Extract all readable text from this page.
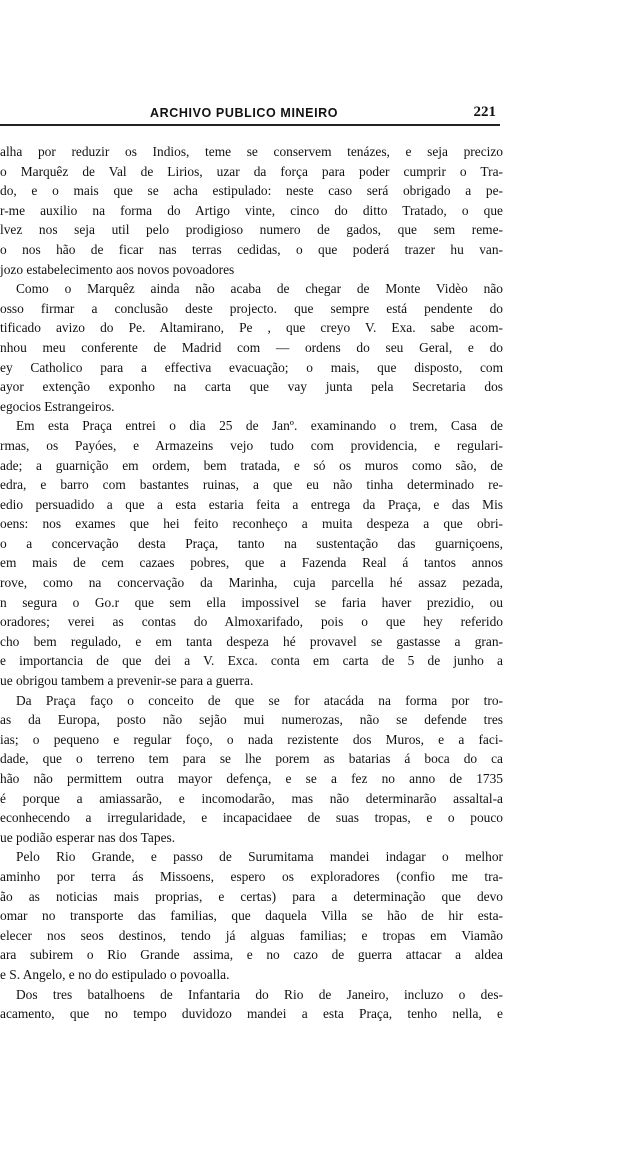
ARCHIVO PUBLICO MINEIRO	221
alha por reduzir os Indios, teme se conservem tenázes, e seja precizo
o Marquêz de Val de Lirios, uzar da força para poder cumprir o Tra-
do, e o mais que se acha estipulado: neste caso será obrigado a pe-
r-me auxilio na forma do Artigo vinte, cinco do ditto Tratado, o que
lvez nos seja util pelo prodigioso numero de gados, que sem reme-
o nos hão de ficar nas terras cedidas, o que poderá trazer hu van-
jozo estabelecimento aos novos povoadores
Como o Marquêz ainda não acaba de chegar de Monte Vidèo não
osso firmar a conclusão deste projecto. que sempre está pendente do
tificado avizo do Pe. Altamirano, Pe , que creyo V. Exa. sabe acom-
nhou meu conferente de Madrid com — ordens do seu Geral, e do
ey Catholico para a effectiva evacuação; o mais, que disposto, com
ayor extenção exponho na carta que vay junta pela Secretaria dos
egocios Estrangeiros.
Em esta Praça entrei o dia 25 de Janº. examinando o trem, Casa de
rmas, os Payóes, e Armazeins vejo tudo com providencia, e regulari-
ade; a guarnição em ordem, bem tratada, e só os muros como são, de
edra, e barro com bastantes ruinas, a que eu não tinha determinado re-
edio persuadido a que a esta estaria feita a entrega da Praça, e das Mis
oens: nos exames que hei feito reconheço a muita despeza a que obri-
o a concervação desta Praça, tanto na sustentação das guarniçoens,
em mais de cem cazaes pobres, que a Fazenda Real á tantos annos
rove, como na concervação da Marinha, cuja parcella hé assaz pezada,
n segura o Go.r que sem ella impossivel se faria haver prezidio, ou
oradores; verei as contas do Almoxarifado, pois o que hey referido
cho bem regulado, e em tanta despeza hé provavel se gastasse a gran-
e importancia de que dei a V. Exca. conta em carta de 5 de junho a
ue obrigou tambem a prevenir-se para a guerra.
Da Praça faço o conceito de que se for atacáda na forma por tro-
as da Europa, posto não sejão mui numerozas, não se defende tres
ias; o pequeno e regular foço, o nada rezistente dos Muros, e a faci-
dade, que o terreno tem para se lhe porem as batarias á boca do ca
hão não permittem outra mayor defença, e se a fez no anno de 1735
é porque a amiassarão, e incomodarão, mas não determinarão assaltal-a
econhecendo a irregularidade, e incapacidaee de suas tropas, e o pouco
ue podião esperar nas dos Tapes.
Pelo Rio Grande, e passo de Surumitama mandei indagar o melhor
aminho por terra ás Missoens, espero os exploradores (confio me tra-
ão as noticias mais proprias, e certas) para a determinação que devo
omar no transporte das familias, que daquela Villa se hão de hir esta-
elecer nos seos destinos, tendo já alguas familias; e tropas em Viamão
ara subirem o Rio Grande assima, e no cazo de guerra attacar a aldea
e S. Angelo, e no do estipulado o povoalla.
Dos tres batalhoens de Infantaria do Rio de Janeiro, incluzo o des-
acamento, que no tempo duvidozo mandei a esta Praça, tenho nella, e
